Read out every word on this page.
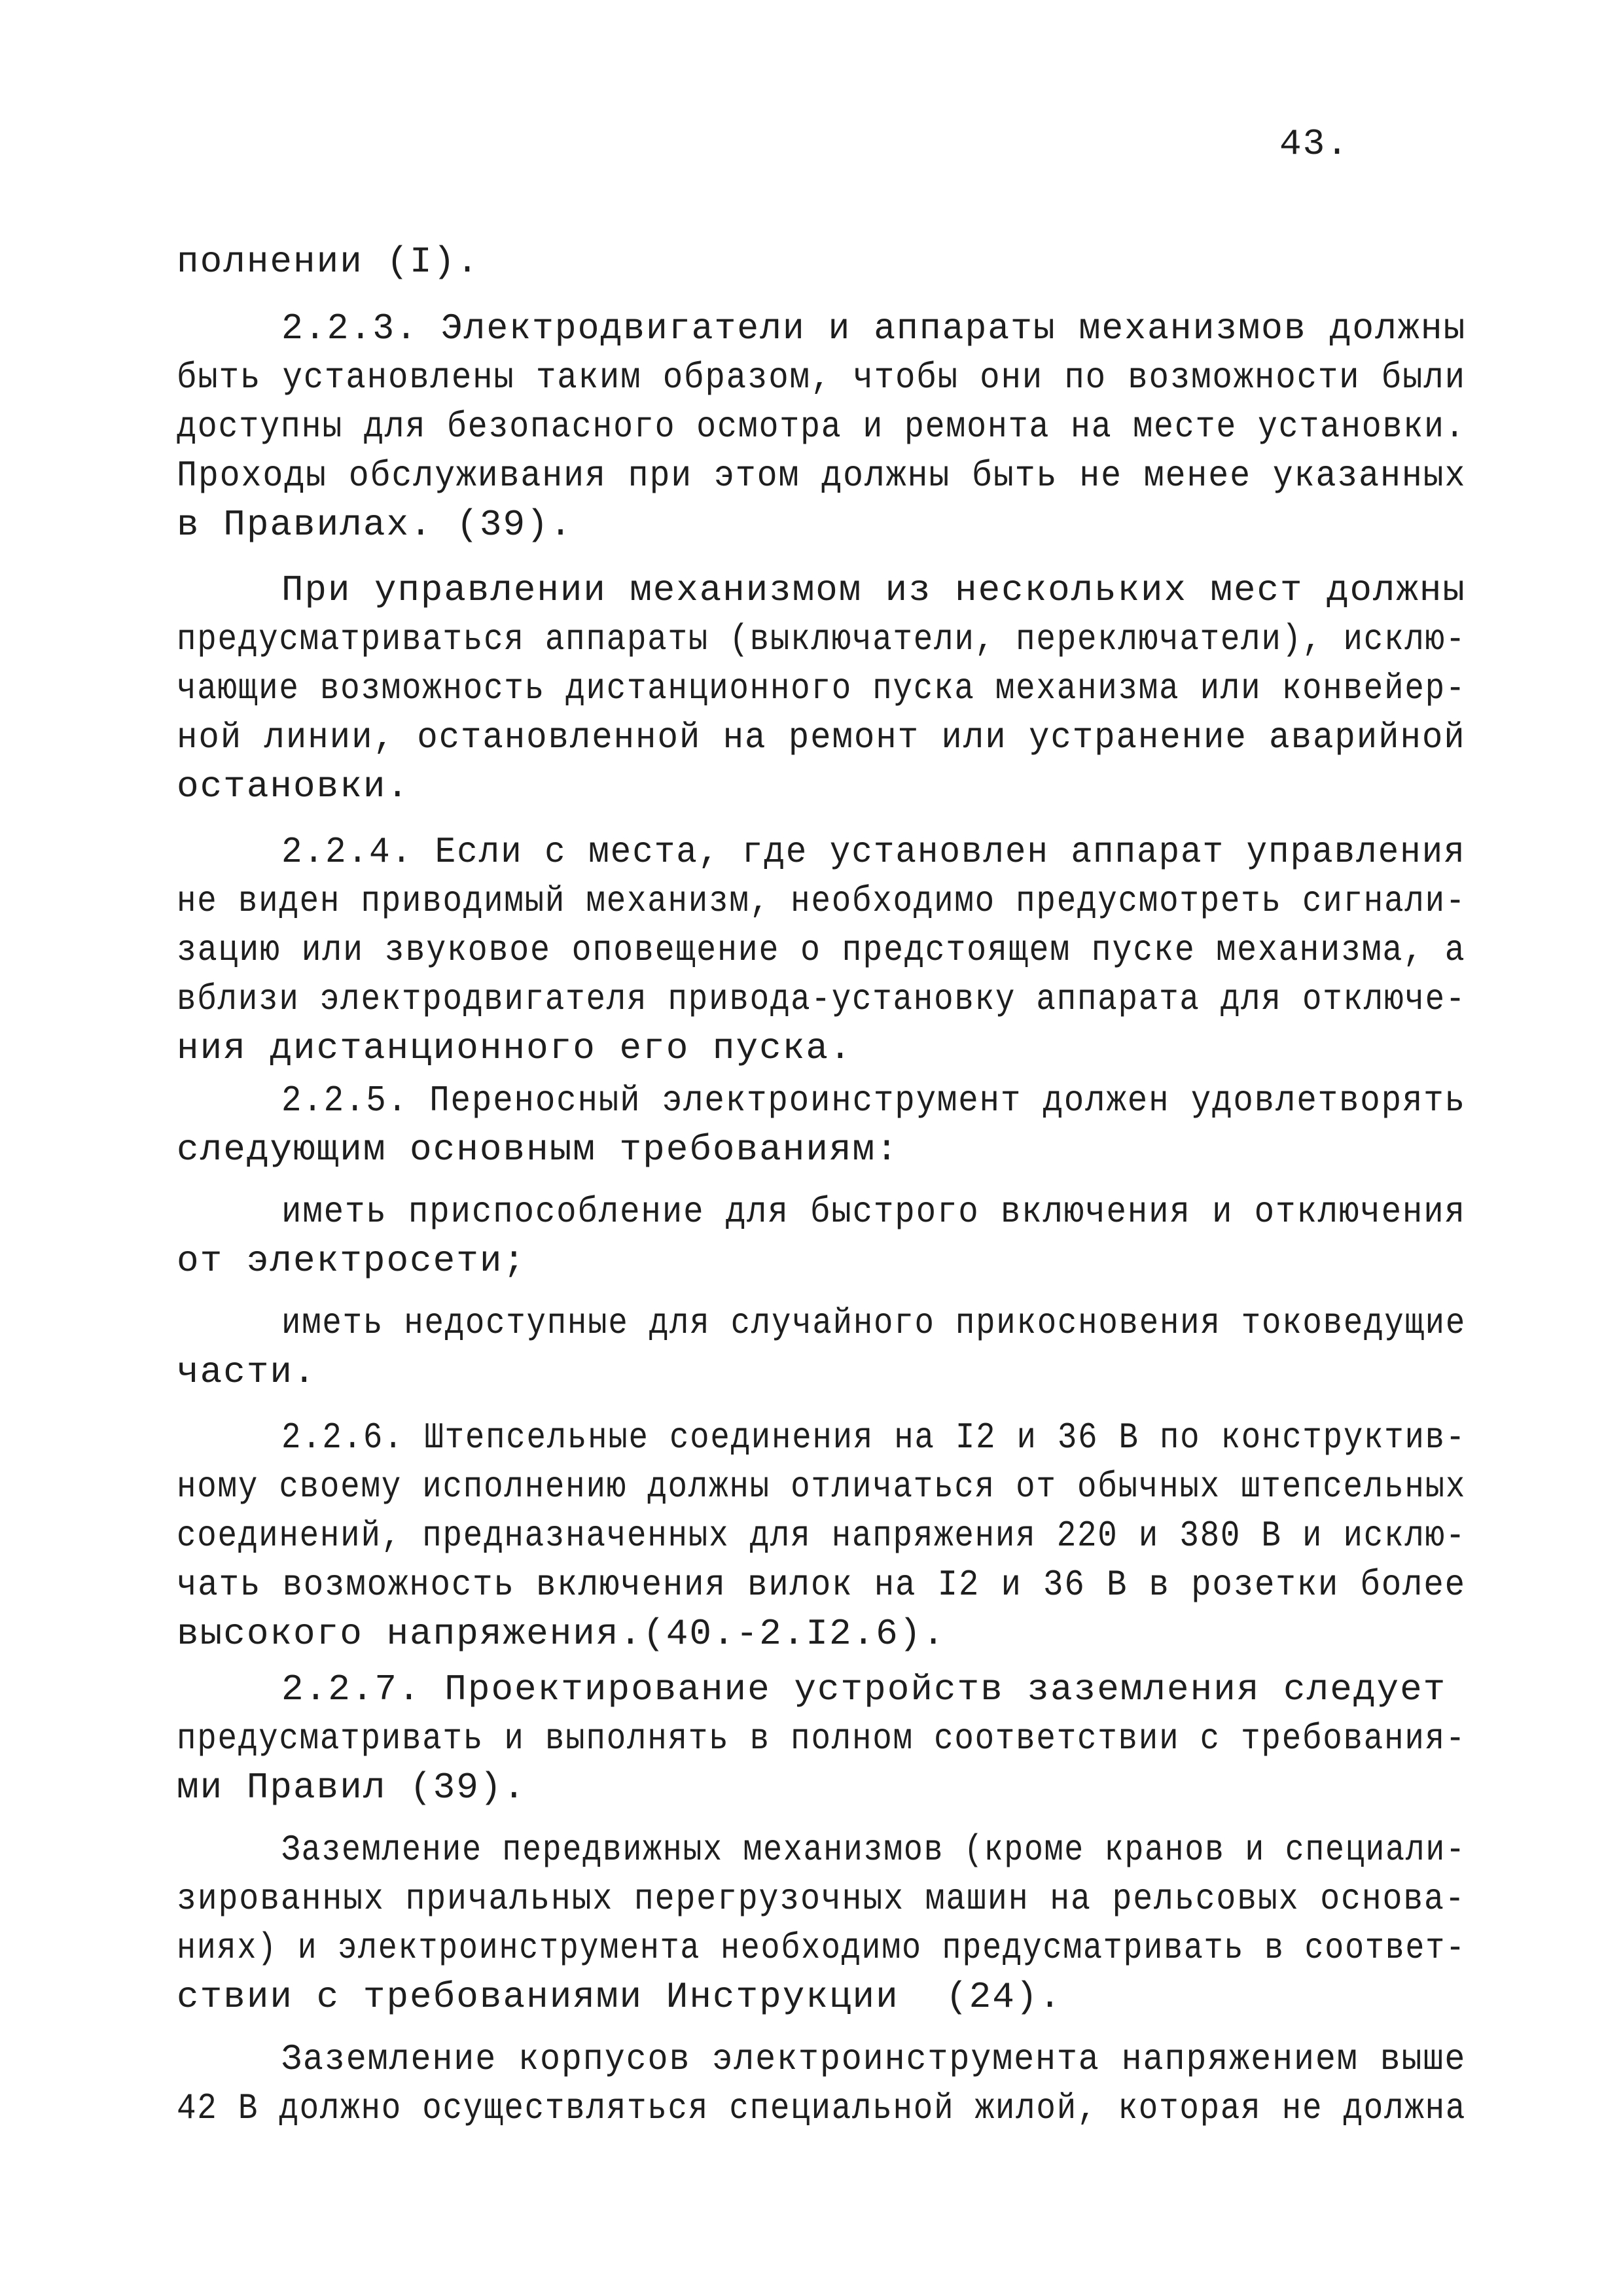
43.
полнении (I).
2.2.3. Электродвигатели и аппараты механизмов должны
быть установлены таким образом, чтобы они по возможности были
доступны для безопасного осмотра и ремонта на месте установки.
Проходы обслуживания при этом должны быть не менее указанных
в Правилах. (39).
При управлении механизмом из нескольких мест должны
предусматриваться аппараты (выключатели, переключатели), исклю-
чающие возможность дистанционного пуска механизма или конвейер-
ной линии, остановленной на ремонт или устранение аварийной
остановки.
2.2.4. Если с места, где установлен аппарат управления
не виден приводимый механизм, необходимо предусмотреть сигнали-
зацию или звуковое оповещение о предстоящем пуске механизма, а
вблизи электродвигателя привода-установку аппарата для отключе-
ния дистанционного его пуска.
2.2.5. Переносный электроинструмент должен удовлетворять
следующим основным требованиям:
иметь приспособление для быстрого включения и отключения
от электросети;
иметь недоступные для случайного прикосновения токоведущие
части.
2.2.6. Штепсельные соединения на I2 и 36 В по конструктив-
ному своему исполнению должны отличаться от обычных штепсельных
соединений, предназначенных для напряжения 220 и 380 В и исклю-
чать возможность включения вилок на I2 и 36 В в розетки более
высокого напряжения.(40.-2.I2.6).
2.2.7. Проектирование устройств заземления следует
предусматривать и выполнять в полном соответствии с требования-
ми Правил (39).
Заземление передвижных механизмов (кроме кранов и специали-
зированных причальных перегрузочных машин на рельсовых основа-
ниях) и электроинструмента необходимо предусматривать в соответ-
ствии с требованиями Инструкции  (24).
Заземление корпусов электроинструмента напряжением выше
42 В должно осуществляться специальной жилой, которая не должна
